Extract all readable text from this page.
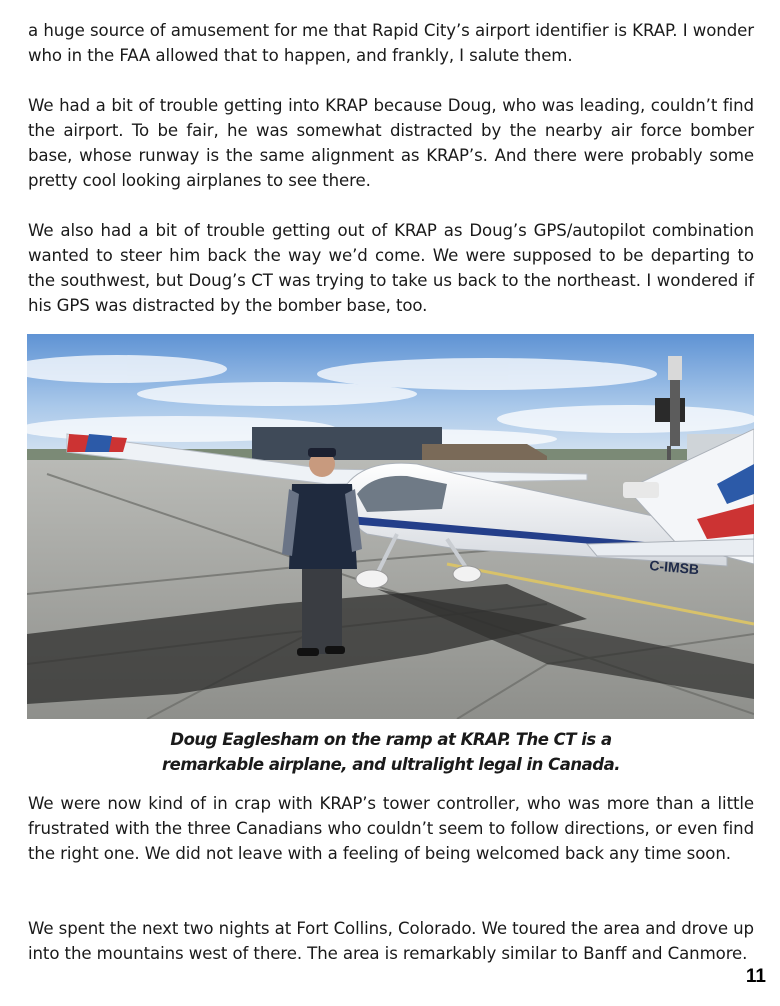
a huge source of amusement for me that Rapid City’s airport identifier is KRAP. I wonder who in the FAA allowed that to happen, and frankly, I salute them.

We had a bit of trouble getting into KRAP because Doug, who was leading, couldn’t find the airport. To be fair, he was somewhat distracted by the nearby air force bomber base, whose runway is the same alignment as KRAP’s. And there were probably some pretty cool looking airplanes to see there.

We also had a bit of trouble getting out of KRAP as Doug’s GPS/autopilot combination wanted to steer him back the way we’d come. We were supposed to be departing to the southwest, but Doug’s CT was trying to take us back to the northeast. I wondered if his GPS was distracted by the bomber base, too.

C-IMSB
Doug Eaglesham on the ramp at KRAP. The CT is a
remarkable airplane, and ultralight legal in Canada.

We were now kind of in crap with KRAP’s tower controller, who was more than a little frustrated with the three Canadians who couldn’t seem to follow directions, or even find the right one. We did not leave with a feeling of being welcomed back any time soon.

We spent the next two nights at Fort Collins, Colorado. We toured the area and drove up into the mountains west of there. The area is remarkably similar to Banff and Canmore.

11
